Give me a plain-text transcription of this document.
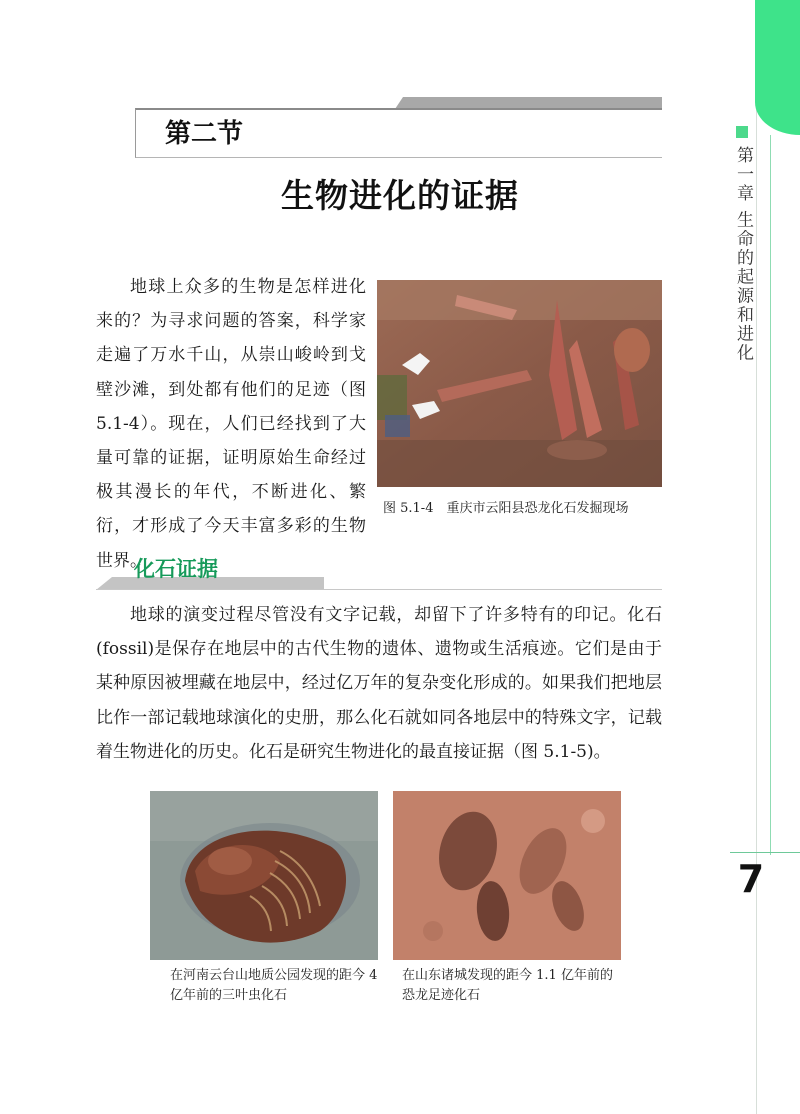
第一章 生命的起源和进化
7
第二节
生物进化的证据

地球上众多的生物是怎样进化来的？为寻求问题的答案，科学家走遍了万水千山，从崇山峻岭到戈壁沙滩，到处都有他们的足迹（图 5.1-4）。现在，人们已经找到了大量可靠的证据，证明原始生命经过极其漫长的年代，不断进化、繁衍，才形成了今天丰富多彩的生物世界。

图 5.1-4　重庆市云阳县恐龙化石发掘现场
化石证据

地球的演变过程尽管没有文字记载，却留下了许多特有的印记。化石(fossil)是保存在地层中的古代生物的遗体、遗物或生活痕迹。它们是由于某种原因被埋藏在地层中，经过亿万年的复杂变化形成的。如果我们把地层比作一部记载地球演化的史册，那么化石就如同各地层中的特殊文字，记载着生物进化的历史。化石是研究生物进化的最直接证据（图 5.1-5)。

在河南云台山地质公园发现的距今 4 亿年前的三叶虫化石
在山东诸城发现的距今 1.1 亿年前的恐龙足迹化石
